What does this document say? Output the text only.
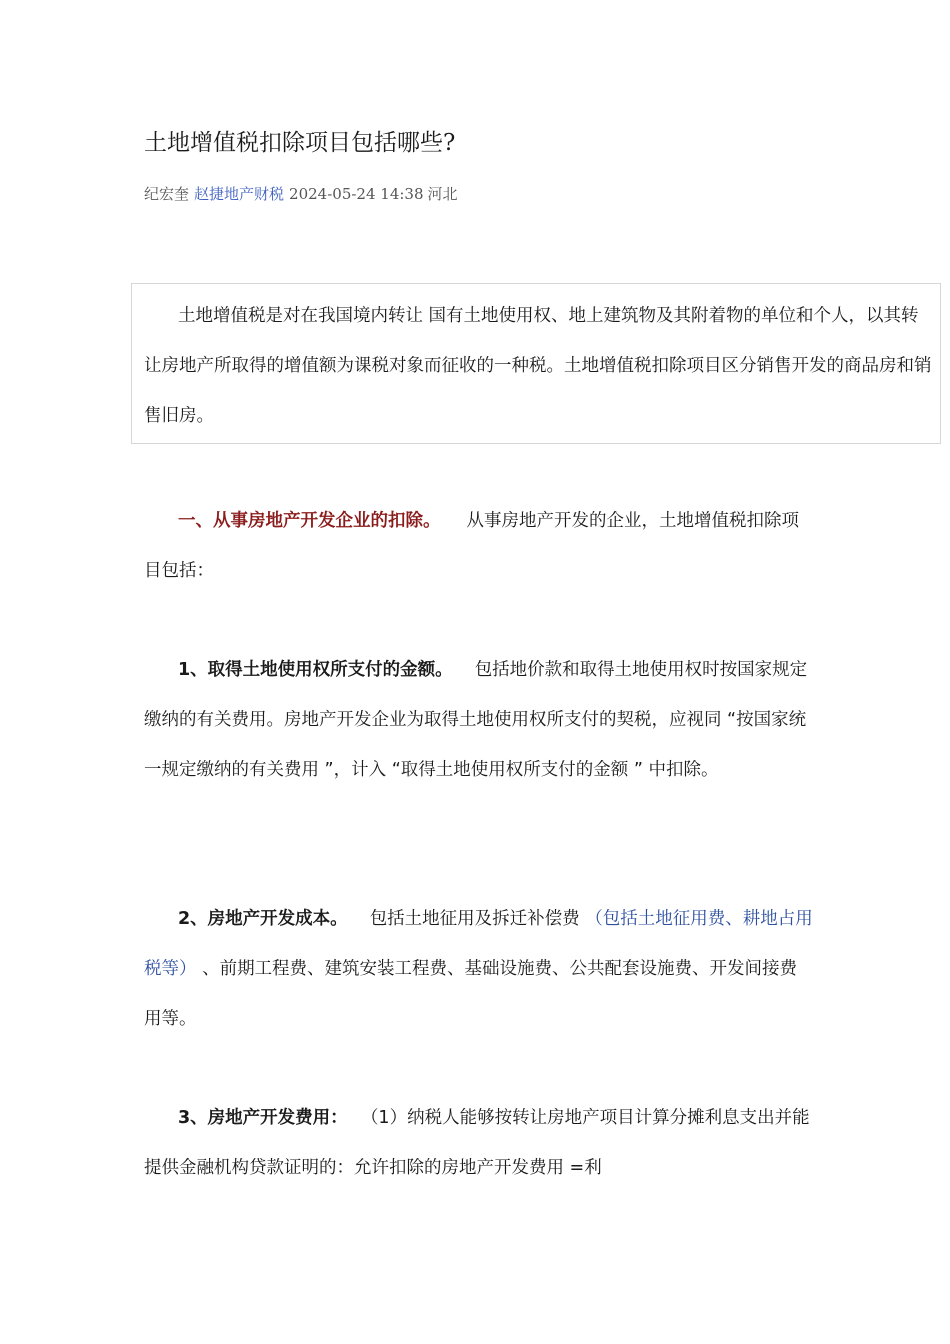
土地增值税扣除项目包括哪些?
纪宏奎 赵捷地产财税 2024-05-24 14:38 河北

土地增值税是对在我国境内转让 国有土地使用权、地上建筑物及其附着物的单位和个人，以其转让房地产所取得的增值额为课税对象而征收的一种税。土地增值税扣除项目区分销售开发的商品房和销售旧房。

一、从事房地产开发企业的扣除。 从事房地产开发的企业，土地增值税扣除项目包括：

1、取得土地使用权所支付的金额。 包括地价款和取得土地使用权时按国家规定缴纳的有关费用。房地产开发企业为取得土地使用权所支付的契税，应视同 “按国家统一规定缴纳的有关费用 ”，计入 “取得土地使用权所支付的金额 ” 中扣除。

2、房地产开发成本。 包括土地征用及拆迁补偿费 （包括土地征用费、耕地占用税等） 、前期工程费、建筑安装工程费、基础设施费、公共配套设施费、开发间接费用等。

3、房地产开发费用： （1）纳税人能够按转让房地产项目计算分摊利息支出并能提供金融机构贷款证明的：允许扣除的房地产开发费用 =利
